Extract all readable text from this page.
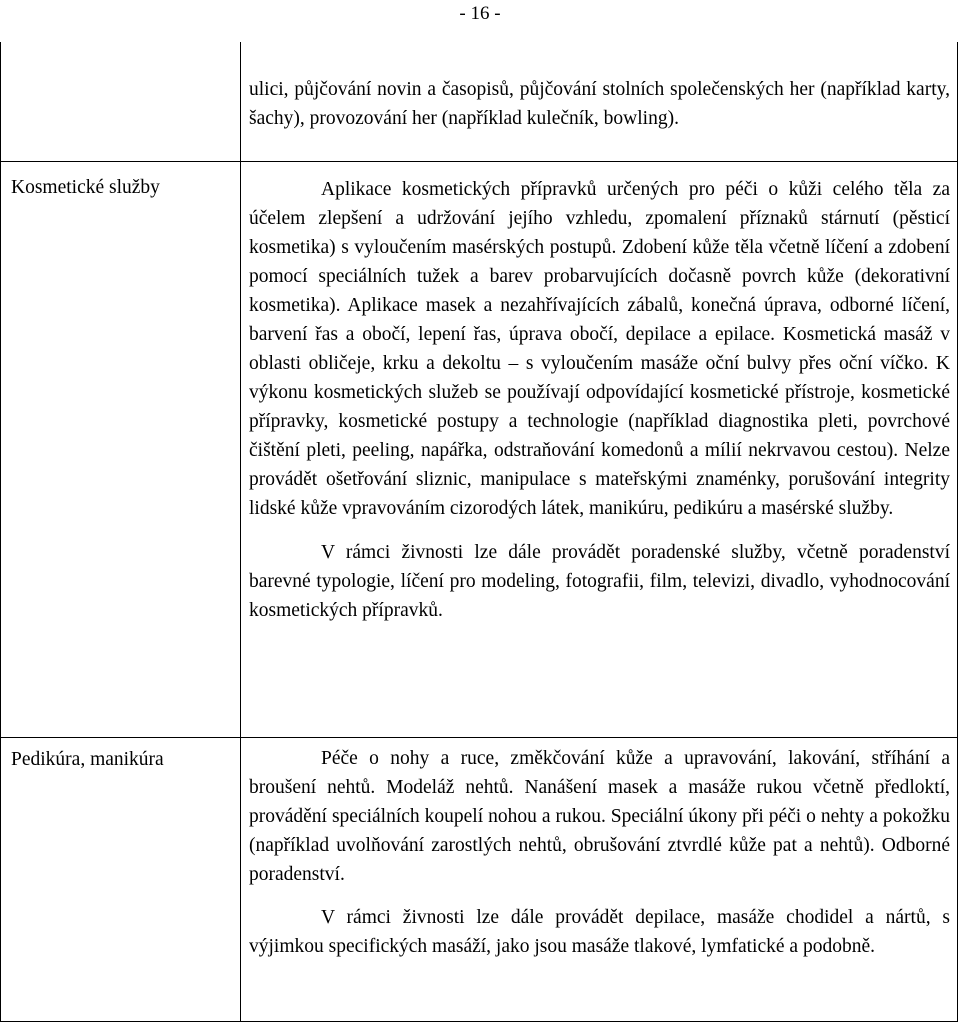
- 16 -

ulici, půjčování novin a časopisů, půjčování stolních společenských her (například karty, šachy), provozování her (například kulečník, bowling).

Kosmetické služby	Aplikace kosmetických přípravků určených pro péči o kůži celého těla za účelem zlepšení a udržování jejího vzhledu, zpomalení příznaků stárnutí (pěsticí kosmetika) s vyloučením masérských postupů. Zdobení kůže těla včetně líčení a zdobení pomocí speciálních tužek a barev probarvujících dočasně povrch kůže (dekorativní kosmetika). Aplikace masek a nezahřívajících zábalů, konečná úprava, odborné líčení, barvení řas a obočí, lepení řas, úprava obočí, depilace a epilace. Kosmetická masáž v oblasti obličeje, krku a dekoltu – s vyloučením masáže oční bulvy přes oční víčko. K výkonu kosmetických služeb se používají odpovídající kosmetické přístroje, kosmetické přípravky, kosmetické postupy a technologie (například diagnostika pleti, povrchové čištění pleti, peeling, napářka, odstraňování komedonů a mílií nekrvavou cestou). Nelze provádět ošetřování sliznic, manipulace s mateřskými znaménky, porušování integrity lidské kůže vpravováním cizorodých látek, manikúru, pedikúru a masérské služby.

V rámci živnosti lze dále provádět poradenské služby, včetně poradenství barevné typologie, líčení pro modeling, fotografii, film, televizi, divadlo, vyhodnocování kosmetických přípravků.

Pedikúra, manikúra	Péče o nohy a ruce, změkčování kůže a upravování, lakování, stříhání a broušení nehtů. Modeláž nehtů. Nanášení masek a masáže rukou včetně předloktí, provádění speciálních koupelí nohou a rukou. Speciální úkony při péči o nehty a pokožku (například uvolňování zarostlých nehtů, obrušování ztvrdlé kůže pat a nehtů). Odborné poradenství.

V rámci živnosti lze dále provádět depilace, masáže chodidel a nártů, s výjimkou specifických masáží, jako jsou masáže tlakové, lymfatické a podobně.
